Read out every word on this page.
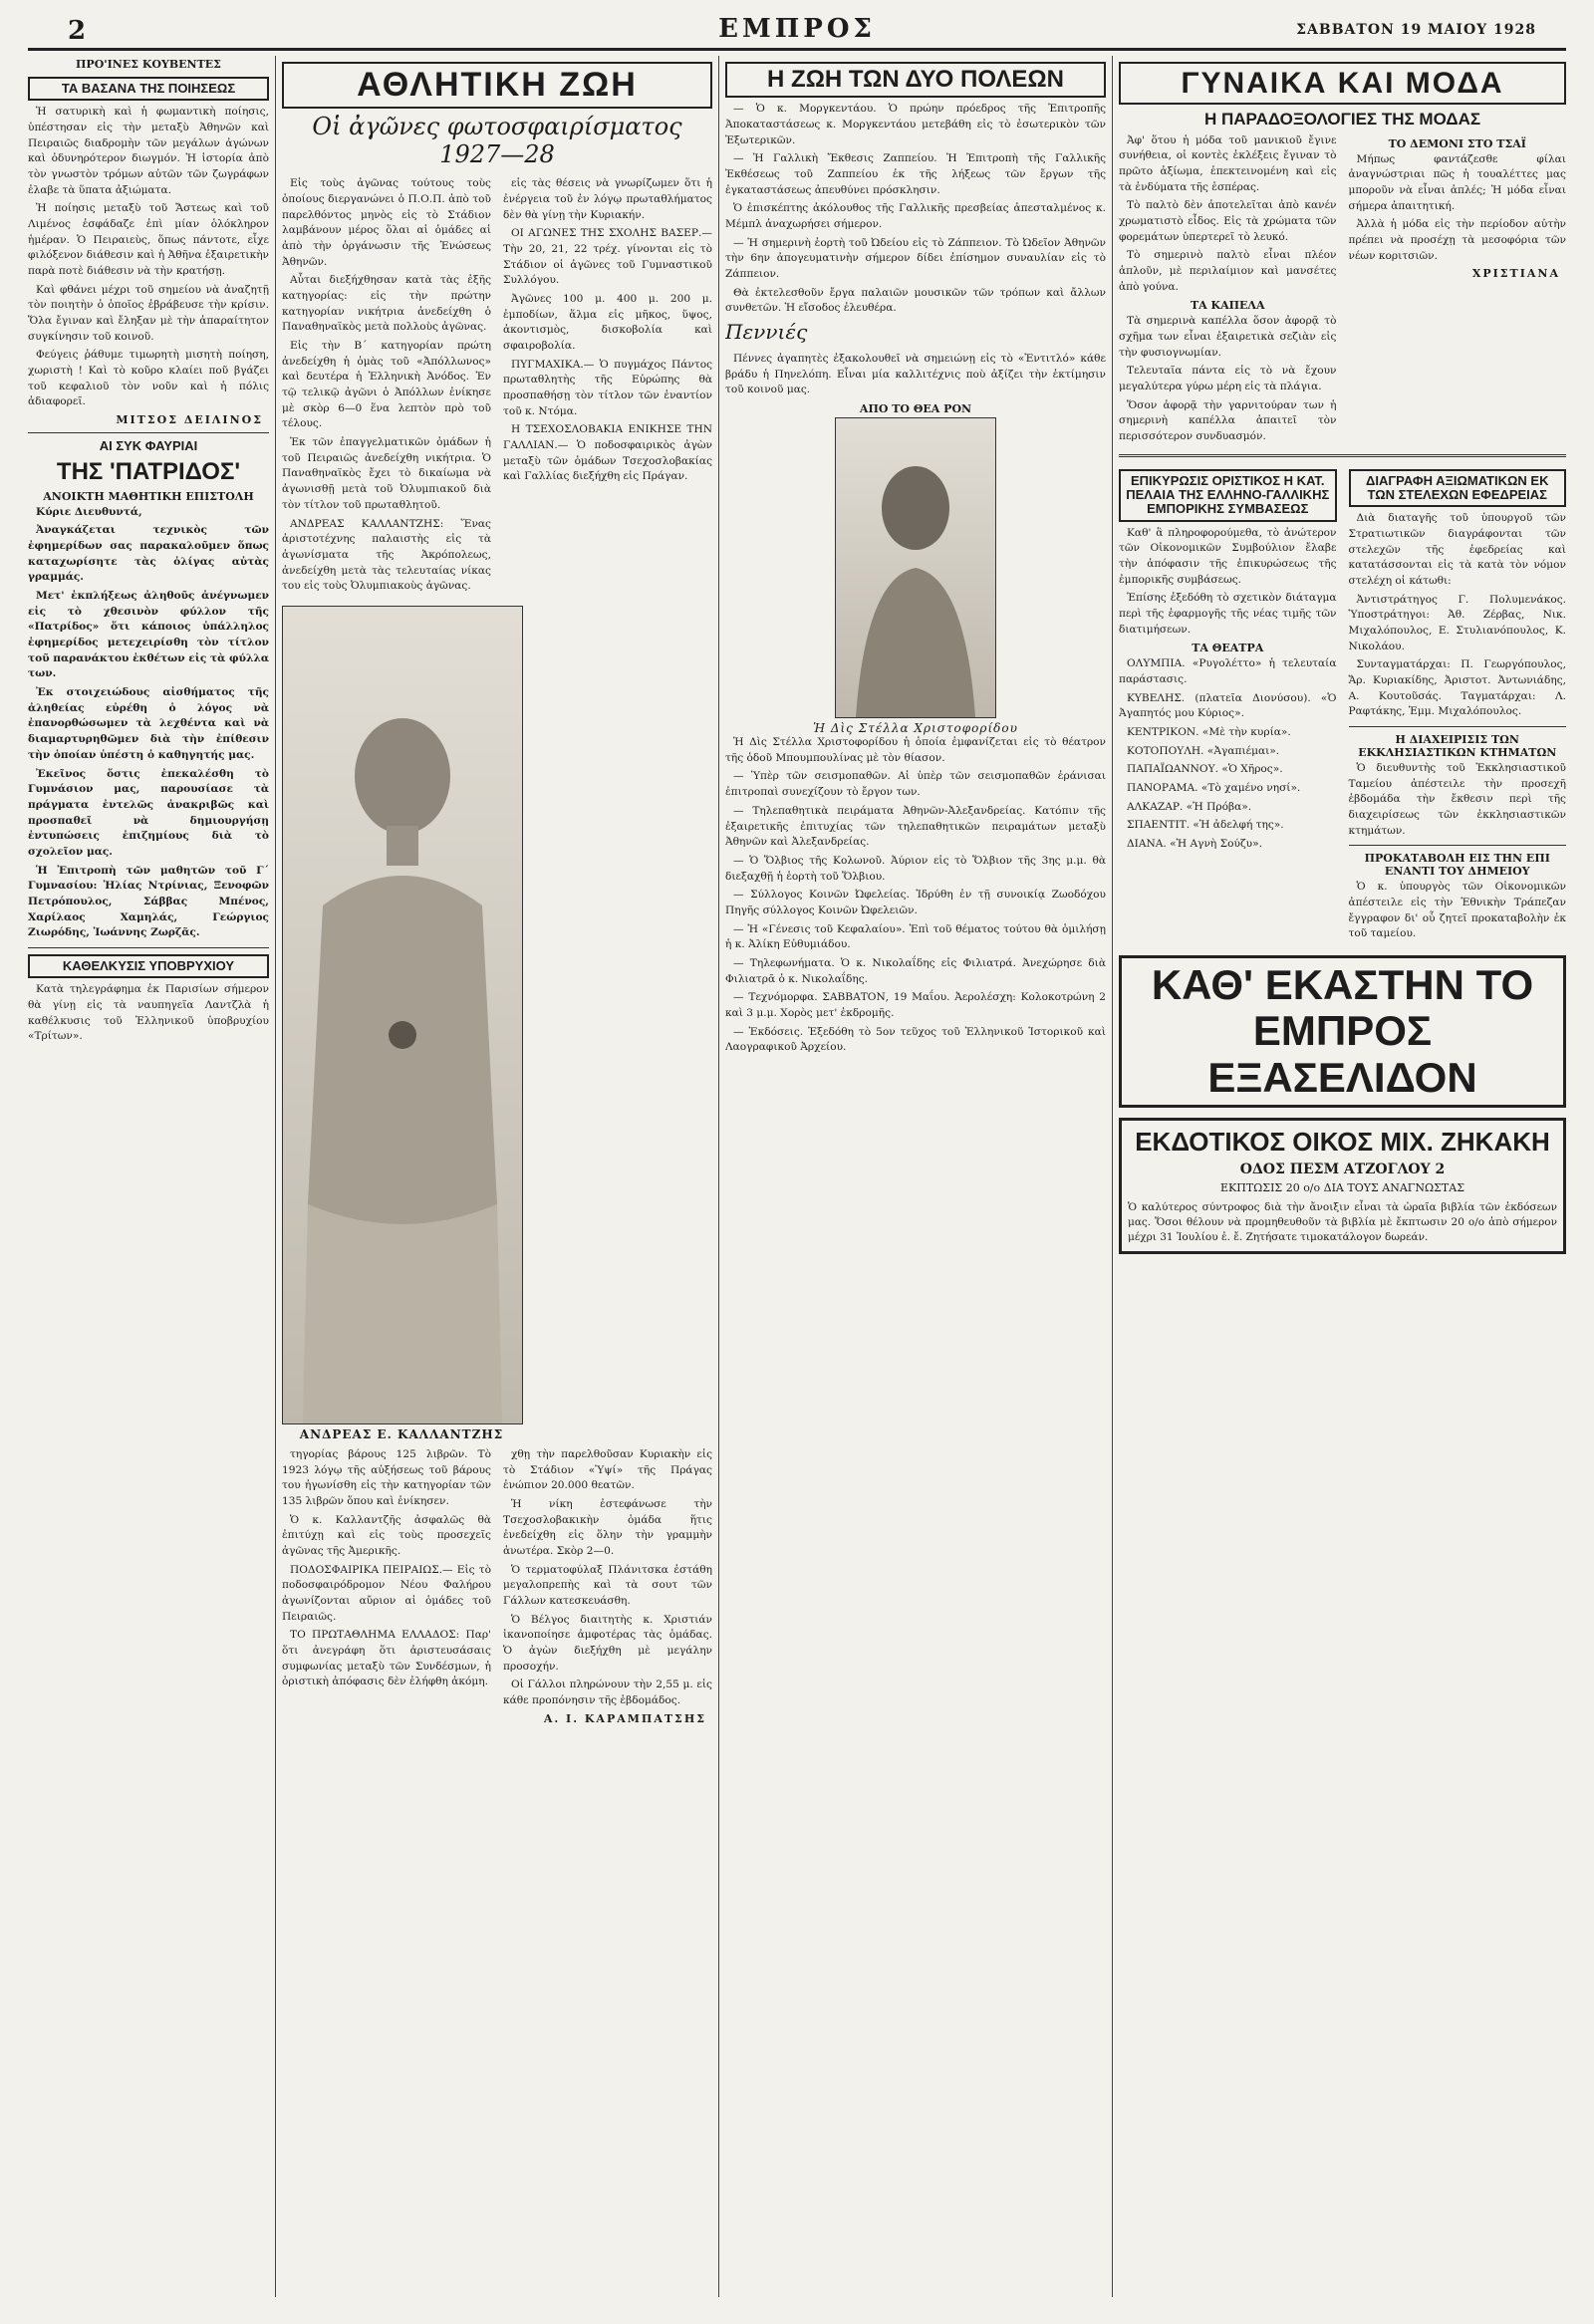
2	ΕΜΠΡΟΣ	ΣΑΒΒΑΤΟΝ 19 ΜΑΙΟΥ 1928
ΠΡΟ'ΙΝΕΣ ΚΟΥΒΕΝΤΕΣ
ΤΑ ΒΑΣΑΝΑ ΤΗΣ ΠΟΙΗΣΕΩΣ

Ἡ σατυρικὴ καὶ ἡ φωμαντικὴ ποίησις, ὑπέστησαν εἰς τὴν μεταξὺ Ἀθηνῶν καὶ Πειραιῶς διαδρομὴν τῶν μεγάλων ἀγώνων καὶ ὀδυνηρότερον διωγμόν. Ἡ ἱστορία ἀπὸ τὸν γνωστὸν τρόμων αὐτῶν τῶν ζωγράφων ἐλαβε τὰ ὕπατα ἀξιώματα.

Ἡ ποίησις μεταξὺ τοῦ Ἄστεως καὶ τοῦ Λιμένος ἐσφάδαζε ἐπὶ μίαν ὁλόκληρον ἡμέραν. Ὁ Πειραιεὺς, ὅπως πάντοτε, εἶχε φιλόξενον διάθεσιν καὶ ἡ Ἀθῆνα ἐξαιρετικὴν παρὰ ποτὲ διάθεσιν νὰ τὴν κρατήσῃ.

Καὶ φθάνει μέχρι τοῦ σημείου νὰ ἀναζητῇ τὸν ποιητὴν ὁ ὁποῖος ἐβράβευσε τὴν κρίσιν. Ὅλα ἔγιναν καὶ ἔληξαν μὲ τὴν ἀπαραίτητον συγκίνησιν τοῦ κοινοῦ.

Φεύγεις ῥάθυμε τιμωρητὴ μισητὴ ποίηση, χωριστὴ ! Καὶ τὸ κοῦρο κλαίει ποῦ βγάζει τοῦ κεφαλιοῦ τὸν νοῦν καὶ ἡ πόλις ἀδιαφορεῖ.

ΜΙΤΣΟΣ ΔΕΙΛΙΝΟΣ
ΑΙ ΣΥΚ ΦΑΥΡΙΑΙ
ΤΗΣ 'ΠΑΤΡΙΔΟΣ'
ΑΝΟΙΚΤΗ ΜΑΘΗΤΙΚΗ ΕΠΙΣΤΟΛΗ

Κύριε Διευθυντά,

Ἀναγκάζεται τεχνικὸς τῶν ἐφημερίδων σας παρακαλοῦμεν ὅπως καταχωρίσητε τὰς ὀλίγας αὐτὰς γραμμάς.

Μετ' ἐκπλήξεως ἀληθοῦς ἀνέγνωμεν εἰς τὸ χθεσινὸν φύλλον τῆς «Πατρίδος» ὅτι κάποιος ὑπάλληλος ἐφημερίδος μετεχειρίσθη τὸν τίτλον τοῦ παρανάκτου ἐκθέτων εἰς τὰ φύλλα των.

Ἐκ στοιχειώδους αἰσθήματος τῆς ἀληθείας εὐρέθη ὁ λόγος νὰ ἐπανορθώσωμεν τὰ λεχθέντα καὶ νὰ διαμαρτυρηθῶμεν διὰ τὴν ἐπίθεσιν τὴν ὁποίαν ὑπέστη ὁ καθηγητής μας.

Ἐκεῖνος ὅστις ἐπεκαλέσθη τὸ Γυμνάσιον μας, παρουσίασε τὰ πράγματα ἐντελῶς ἀνακριβῶς καὶ προσπαθεῖ νὰ δημιουργήσῃ ἐντυπώσεις ἐπιζημίους διὰ τὸ σχολεῖον μας.

Ἡ Ἐπιτροπὴ τῶν μαθητῶν τοῦ Γ΄ Γυμνασίου: Ἠλίας Ντρίνιας, Ξενοφῶν Πετρόπουλος, Σάββας Μπένος, Χαρίλαος Χαμηλάς, Γεώργιος Ζιωρόδης, Ἰωάννης Ζωρζᾶς.

ΚΑΘΕΛΚΥΣΙΣ ΥΠΟΒΡΥΧΙΟΥ

Κατὰ τηλεγράφημα ἐκ Παρισίων σήμερον θὰ γίνῃ εἰς τὰ ναυπηγεῖα Λαντζλὰ ἡ καθέλκυσις τοῦ Ἑλληνικοῦ ὑποβρυχίου «Τρίτων».

ΑΘΛΗΤΙΚΗ ΖΩΗ
Οἱ ἀγῶνες φωτοσφαιρίσματος 1927—28

Εἰς τοὺς ἀγῶνας τούτους τοὺς ὁποίους διεργανώνει ὁ Π.Ο.Π. ἀπὸ τοῦ παρελθόντος μηνὸς εἰς τὸ Στάδιον λαμβάνουν μέρος ὅλαι αἱ ὁμάδες αἱ ἀπὸ τὴν ὀργάνωσιν τῆς Ἑνώσεως Ἀθηνῶν.

Αὗται διεξήχθησαν κατὰ τὰς ἐξῆς κατηγορίας: εἰς τὴν πρώτην κατηγορίαν νικήτρια ἀνεδείχθη ὁ Παναθηναϊκὸς μετὰ πολλοὺς ἀγῶνας.

Εἰς τὴν Β΄ κατηγορίαν πρώτη ἀνεδείχθη ἡ ὁμὰς τοῦ «Ἀπόλλωνος» καὶ δευτέρα ἡ Ἑλληνικὴ Ἀνόδος. Ἐν τῷ τελικῷ ἀγῶνι ὁ Ἀπόλλων ἐνίκησε μὲ σκὸρ 6—0 ἕνα λεπτὸν πρὸ τοῦ τέλους.

Ἐκ τῶν ἐπαγγελματικῶν ὁμάδων ἡ τοῦ Πειραιῶς ἀνεδείχθη νικήτρια. Ὁ Παναθηναϊκὸς ἔχει τὸ δικαίωμα νὰ ἀγωνισθῇ μετὰ τοῦ Ὀλυμπιακοῦ διὰ τὸν τίτλον τοῦ πρωταθλητοῦ.

ΑΝΔΡΕΑΣ ΚΑΛΛΑΝΤΖΗΣ: Ἕνας ἀριστοτέχνης παλαιστὴς εἰς τὰ ἀγωνίσματα τῆς Ἀκρόπολεως, ἀνεδείχθη μετὰ τὰς τελευταίας νίκας του εἰς τοὺς Ὀλυμπιακοὺς ἀγῶνας.

εἰς τὰς θέσεις νὰ γνωρίζωμεν ὅτι ἡ ἐνέργεια τοῦ ἐν λόγῳ πρωταθλήματος δὲν θὰ γίνῃ τὴν Κυριακήν.

ΟΙ ΑΓΩΝΕΣ ΤΗΣ ΣΧΟΛΗΣ ΒΑΣΕΡ.— Τὴν 20, 21, 22 τρέχ. γίνονται εἰς τὸ Στάδιον οἱ ἀγῶνες τοῦ Γυμναστικοῦ Συλλόγου.

Ἀγῶνες 100 μ. 400 μ. 200 μ. ἐμποδίων, ἅλμα εἰς μῆκος, ὕψος, ἀκοντισμὸς, δισκοβολία καὶ σφαιροβολία.

ΠΥΓΜΑΧΙΚΑ.— Ὁ πυγμάχος Πάντος πρωταθλητὴς τῆς Εὐρώπης θὰ προσπαθήσῃ τὸν τίτλον τῶν ἐναντίον τοῦ κ. Ντόμα.

Η ΤΣΕΧΟΣΛΟΒΑΚΙΑ ΕΝΙΚΗΣΕ ΤΗΝ ΓΑΛΛΙΑΝ.— Ὁ ποδοσφαιρικὸς ἀγὼν μεταξὺ τῶν ὁμάδων Τσεχοσλοβακίας καὶ Γαλλίας διεξήχθη εἰς Πράγαν.

ΑΝΔΡΕΑΣ Ε. ΚΑΛΛΑΝΤΖΗΣ

τηγορίας βάρους 125 λιβρῶν. Τὸ 1923 λόγῳ τῆς αὐξήσεως τοῦ βάρους του ἠγωνίσθη εἰς τὴν κατηγορίαν τῶν 135 λιβρῶν ὅπου καὶ ἐνίκησεν.

Ὁ κ. Καλλαντζῆς ἀσφαλῶς θὰ ἐπιτύχῃ καὶ εἰς τοὺς προσεχεῖς ἀγῶνας τῆς Ἀμερικῆς.

ΠΟΔΟΣΦΑΙΡΙΚΑ ΠΕΙΡΑΙΩΣ.— Εἰς τὸ ποδοσφαιρόδρομον Νέου Φαλήρου ἀγωνίζονται αὔριον αἱ ὁμάδες τοῦ Πειραιῶς.

ΤΟ ΠΡΩΤΑΘΛΗΜΑ ΕΛΛΑΔΟΣ: Παρ' ὅτι ἀνεγράφη ὅτι ἀριστευσάσαις συμφωνίας μεταξὺ τῶν Συνδέσμων, ἡ ὁριστικὴ ἀπόφασις δὲν ἐλήφθη ἀκόμη.

χθῃ τὴν παρελθοῦσαν Κυριακὴν εἰς τὸ Στάδιον «Ὑψί» τῆς Πράγας ἐνώπιον 20.000 θεατῶν.

Ἡ νίκη ἐστεφάνωσε τὴν Τσεχοσλοβακικὴν ὁμάδα ἥτις ἐνεδείχθη εἰς ὅλην τὴν γραμμὴν ἀνωτέρα. Σκὸρ 2—0.

Ὁ τερματοφύλαξ Πλάνιτσκα ἐστάθη μεγαλοπρεπὴς καὶ τὰ σουτ τῶν Γάλλων κατεσκευάσθη.

Ὁ Βέλγος διαιτητὴς κ. Χριστιάν ἱκανοποίησε ἀμφοτέρας τὰς ὁμάδας. Ὁ ἀγὼν διεξήχθη μὲ μεγάλην προσοχήν.

Οἱ Γάλλοι πληρώνουν τὴν 2,55 μ. εἰς κάθε προπόνησιν τῆς ἑβδομάδος.

Α. Ι. ΚΑΡΑΜΠΑΤΣΗΣ
Η ΖΩΗ ΤΩΝ ΔΥΟ ΠΟΛΕΩΝ

— Ὁ κ. Μοργκεντάου. Ὁ πρώην πρόεδρος τῆς Ἐπιτροπῆς Ἀποκαταστάσεως κ. Μοργκεντάου μετεβάθη εἰς τὸ ἐσωτερικὸν τῶν Ἐξωτερικῶν.

— Ἡ Γαλλικὴ Ἔκθεσις Ζαππείου. Ἡ Ἐπιτροπὴ τῆς Γαλλικῆς Ἐκθέσεως τοῦ Ζαππείου ἐκ τῆς λήξεως τῶν ἔργων τῆς ἐγκαταστάσεως ἀπευθύνει πρόσκλησιν.

Ὁ ἐπισκέπτης ἀκόλουθος τῆς Γαλλικῆς πρεσβείας ἀπεσταλμένος κ. Μέμπλ ἀναχωρήσει σήμερον.

— Ἡ σημερινὴ ἑορτὴ τοῦ Ὠδείου εἰς τὸ Ζάππειον. Τὸ Ὠδεῖον Ἀθηνῶν τὴν 6ην ἀπογευματινὴν σήμερον δίδει ἐπίσημον συναυλίαν εἰς τὸ Ζάππειον.

Θὰ ἐκτελεσθοῦν ἔργα παλαιῶν μουσικῶν τῶν τρόπων καὶ ἄλλων συνθετῶν. Ἡ εἴσοδος ἐλευθέρα.

Πεννιές

Πέννες ἀγαπητὲς ἐξακολουθεῖ νὰ σημειώνῃ εἰς τὸ «Ἐντιτλό» κάθε βράδυ ἡ Πηνελόπη. Εἶναι μία καλλιτέχνις ποὺ ἀξίζει τὴν ἐκτίμησιν τοῦ κοινοῦ μας.

ΑΠΟ ΤΟ ΘΕΑ ΡΟΝ
Ἡ Δὶς Στέλλα Χριστοφορίδου

Ἡ Δὶς Στέλλα Χριστοφορίδου ἡ ὁποία ἐμφανίζεται εἰς τὸ θέατρον τῆς ὁδοῦ Μπουμπουλίνας μὲ τὸν θίασον.

— Ὑπὲρ τῶν σεισμοπαθῶν. Αἱ ὑπὲρ τῶν σεισμοπαθῶν ἐράνισαι ἐπιτροπαὶ συνεχίζουν τὸ ἔργον των.

— Τηλεπαθητικὰ πειράματα Ἀθηνῶν-Ἀλεξανδρείας. Κατόπιν τῆς ἐξαιρετικῆς ἐπιτυχίας τῶν τηλεπαθητικῶν πειραμάτων μεταξὺ Ἀθηνῶν καὶ Ἀλεξανδρείας.

— Ὁ Ὅλβιος τῆς Κολωνοῦ. Ἀύριον εἰς τὸ Ὅλβιον τῆς 3ης μ.μ. θὰ διεξαχθῇ ἡ ἑορτὴ τοῦ Ὅλβιου.

— Σύλλογος Κοινῶν Ὠφελείας. Ἱδρύθη ἐν τῇ συνοικίᾳ Ζωοδόχου Πηγῆς σύλλογος Κοινῶν Ὠφελειῶν.

— Ἡ «Γένεσις τοῦ Κεφαλαίου». Ἐπὶ τοῦ θέματος τούτου θὰ ὁμιλήσῃ ἡ κ. Ἀλίκη Εὐθυμιάδου.

— Τηλεφωνήματα. Ὁ κ. Νικολαΐδης εἰς Φιλιατρά. Ἀνεχώρησε διὰ Φιλιατρᾶ ὁ κ. Νικολαΐδης.

— Τεχνόμορφα. ΣΑΒΒΑΤΟΝ, 19 Μαΐου. Ἀερολέσχη: Κολοκοτρώνη 2 καὶ 3 μ.μ. Χορὸς μετ' ἐκδρομῆς.

— Ἐκδόσεις. Ἐξεδόθη τὸ 5ον τεῦχος τοῦ Ἑλληνικοῦ Ἱστορικοῦ καὶ Λαογραφικοῦ Ἀρχείου.

ΓΥΝΑΙΚΑ ΚΑΙ ΜΟΔΑ
Η ΠΑΡΑΔΟΞΟΛΟΓΙΕΣ ΤΗΣ ΜΟΔΑΣ

Ἀφ' ὅτου ἡ μόδα τοῦ μανικιοῦ ἔγινε συνήθεια, οἱ κοντὲς ἐκλέξεις ἔγιναν τὸ πρῶτο ἀξίωμα, ἐπεκτεινομένη καὶ εἰς τὰ ἐνδύματα τῆς ἑσπέρας.

Τὸ παλτὸ δὲν ἀποτελεῖται ἀπὸ κανέν χρωματιστὸ εἶδος. Εἰς τὰ χρώματα τῶν φορεμάτων ὑπερτερεῖ τὸ λευκό.

Τὸ σημερινὸ παλτὸ εἶναι πλέον ἁπλοῦν, μὲ περιλαίμιον καὶ μανσέτες ἀπὸ γούνα.

ΤΑ ΚΑΠΕΛΑ

Τὰ σημερινὰ καπέλλα ὅσον ἀφορᾷ τὸ σχῆμα των εἶναι ἐξαιρετικὰ σεζιὰν εἰς τὴν φυσιογνωμίαν.

Τελευταῖα πάντα εἰς τὸ νὰ ἔχουν μεγαλύτερα γύρω μέρη εἰς τὰ πλάγια.

Ὅσον ἀφορᾷ τὴν γαρνιτούραν των ἡ σημερινὴ καπέλλα ἀπαιτεῖ τὸν περισσότερον συνδυασμόν.

ΤΟ ΔΕΜΟΝΙ ΣΤΟ ΤΣΑΪ

Μήπως φαντάζεσθε φίλαι ἀναγνώστριαι πῶς ἡ τουαλέττες μας μποροῦν νὰ εἶναι ἀπλές; Ἡ μόδα εἶναι σήμερα ἀπαιτητική.

Ἀλλὰ ἡ μόδα εἰς τὴν περίοδον αὐτὴν πρέπει νὰ προσέχῃ τὰ μεσοφόρια τῶν νέων κοριτσιῶν.

ΧΡΙΣΤΙΑΝΑ
ΕΠΙΚΥΡΩΣΙΣ ΟΡΙΣΤΙΚΟΣ Η ΚΑΤ. ΠΕΛΑΙΑ ΤΗΣ ΕΛΛΗΝΟ-ΓΑΛΛΙΚΗΣ ΕΜΠΟΡΙΚΗΣ ΣΥΜΒΑΣΕΩΣ

Καθ' ἃ πληροφορούμεθα, τὸ ἀνώτερον τῶν Οἰκονομικῶν Συμβούλιον ἔλαβε τὴν ἀπόφασιν τῆς ἐπικυρώσεως τῆς ἐμπορικῆς συμβάσεως.

Ἐπίσης ἐξεδόθη τὸ σχετικὸν διάταγμα περὶ τῆς ἐφαρμογῆς τῆς νέας τιμῆς τῶν διατιμήσεων.

ΤΑ ΘΕΑΤΡΑ

ΟΛΥΜΠΙΑ. «Ρυγολέττο» ἡ τελευταία παράστασις.

ΚΥΒΕΛΗΣ. (πλατεῖα Διονύσου). «Ὁ Ἀγαπητός μου Κύριος».

ΚΕΝΤΡΙΚΟΝ. «Μὲ τὴν κυρία».

ΚΟΤΟΠΟΥΛΗ. «Ἀγαπιέμαι».

ΠΑΠΑΪΩΑΝΝΟΥ. «Ὁ Χῆρος».

ΠΑΝΟΡΑΜΑ. «Τὸ χαμένο νησί».

ΑΛΚΑΖΑΡ. «Ἡ Πρόβα».

ΣΠΑΕΝΤΙΤ. «Ἡ ἀδελφή της».

ΔΙΑΝΑ. «Ἡ Αγνὴ Σούζυ».

ΔΙΑΓΡΑΦΗ ΑΞΙΩΜΑΤΙΚΩΝ ΕΚ ΤΩΝ ΣΤΕΛΕΧΩΝ ΕΦΕΔΡΕΙΑΣ

Διὰ διαταγῆς τοῦ ὑπουργοῦ τῶν Στρατιωτικῶν διαγράφονται τῶν στελεχῶν τῆς ἐφεδρείας καὶ κατατάσσονται εἰς τὰ κατὰ τὸν νόμον στελέχη οἱ κάτωθι:

Ἀντιστράτηγος Γ. Πολυμενάκος. Ὑποστράτηγοι: Ἀθ. Ζέρβας, Νικ. Μιχαλόπουλος, Ε. Στυλιανόπουλος, Κ. Νικολάου.

Συνταγματάρχαι: Π. Γεωργόπουλος, Ἄρ. Κυριακίδης, Ἀριστοτ. Ἀντωνιάδης, Α. Κουτοῦσάς. Ταγματάρχαι: Λ. Ραφτάκης, Ἐμμ. Μιχαλόπουλος.

Η ΔΙΑΧΕΙΡΙΣΙΣ ΤΩΝ ΕΚΚΛΗΣΙΑΣΤΙΚΩΝ ΚΤΗΜΑΤΩΝ

Ὁ διευθυντὴς τοῦ Ἐκκλησιαστικοῦ Ταμείου ἀπέστειλε τὴν προσεχῆ ἐβδομάδα τὴν ἔκθεσιν περὶ τῆς διαχειρίσεως τῶν ἐκκλησιαστικῶν κτημάτων.

ΠΡΟΚΑΤΑΒΟΛΗ ΕΙΣ ΤΗΝ ΕΠΙ ΕΝΑΝΤΙ ΤΟΥ ΔΗΜΕΙΟΥ

Ὁ κ. ὑπουργὸς τῶν Οἰκονομικῶν ἀπέστειλε εἰς τὴν Ἐθνικὴν Τράπεζαν ἔγγραφον δι' οὗ ζητεῖ προκαταβολὴν ἐκ τοῦ ταμείου.

ΚΑΘ' ΕΚΑΣΤΗΝ ΤΟ ΕΜΠΡΟΣ ΕΞΑΣΕΛΙΔΟΝ
ΕΚΔΟΤΙΚΟΣ ΟΙΚΟΣ ΜΙΧ. ΖΗΚΑΚΗ
ΟΔΟΣ ΠΕΣΜ ΑΤΖΟΓΛΟΥ 2
ΕΚΠΤΩΣΙΣ 20 ο/ο ΔΙΑ ΤΟΥΣ ΑΝΑΓΝΩΣΤΑΣ
Ὁ καλύτερος σύντροφος διὰ τὴν ἄνοιξιν εἶναι τὰ ὡραῖα βιβλία τῶν ἐκδόσεων μας. Ὅσοι θέλουν νὰ προμηθευθοῦν τὰ βιβλία μὲ ἔκπτωσιν 20 ο/ο ἀπὸ σήμερον μέχρι 31 Ἰουλίου ἐ. ἔ. Ζητήσατε τιμοκατάλογον δωρεάν.
